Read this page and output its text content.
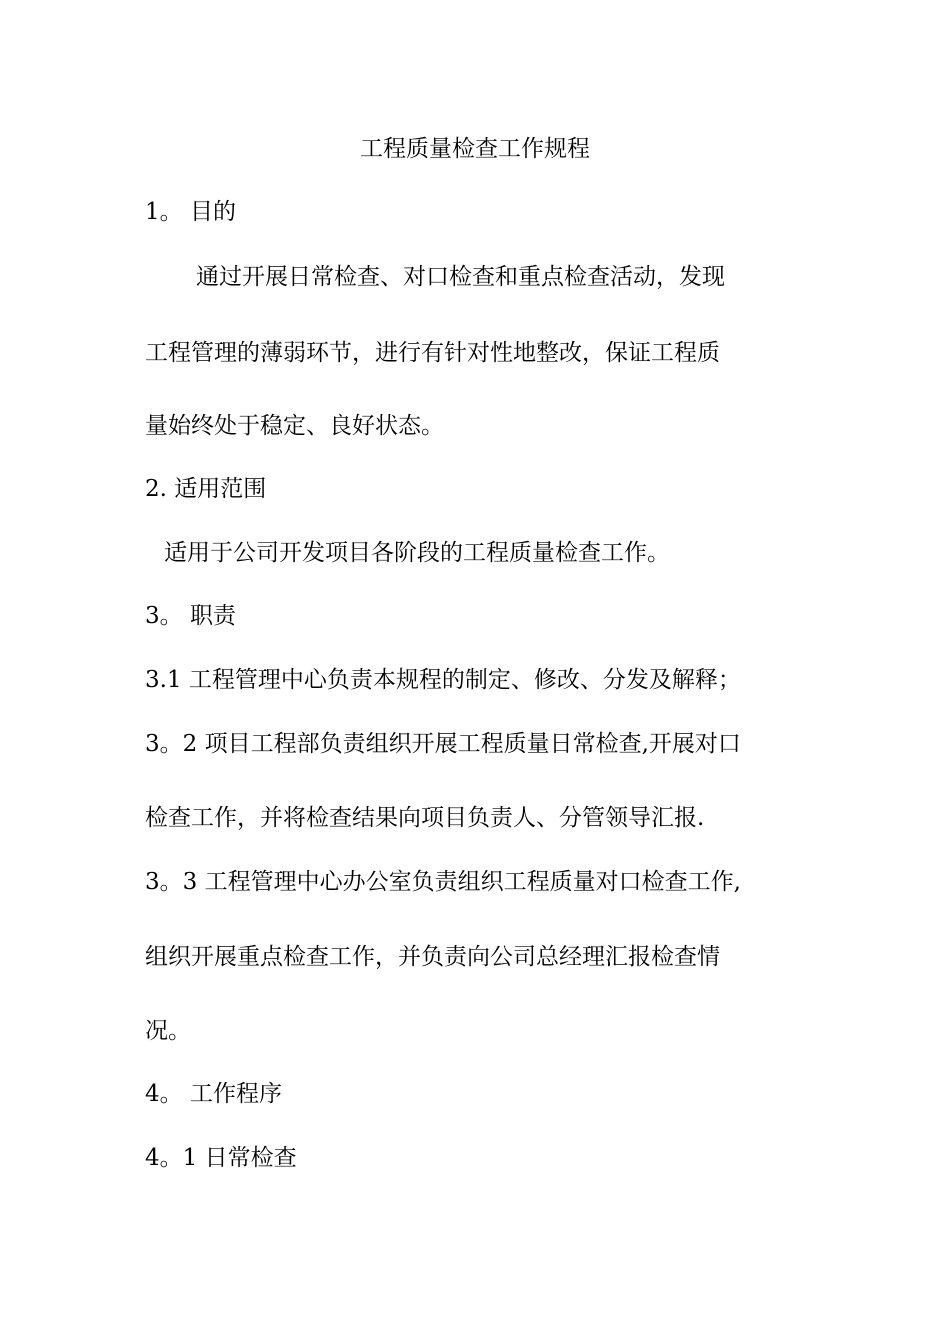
工程质量检查工作规程

1。 目的

通过开展日常检查、对口检查和重点检查活动，发现

工程管理的薄弱环节，进行有针对性地整改，保证工程质

量始终处于稳定、良好状态。

2. 适用范围

适用于公司开发项目各阶段的工程质量检查工作。

3。 职责

3.1 工程管理中心负责本规程的制定、修改、分发及解释；

3。2 项目工程部负责组织开展工程质量日常检查,开展对口

检查工作，并将检查结果向项目负责人、分管领导汇报.

3。3 工程管理中心办公室负责组织工程质量对口检查工作,

组织开展重点检查工作，并负责向公司总经理汇报检查情

况。

4。 工作程序

4。1 日常检查
